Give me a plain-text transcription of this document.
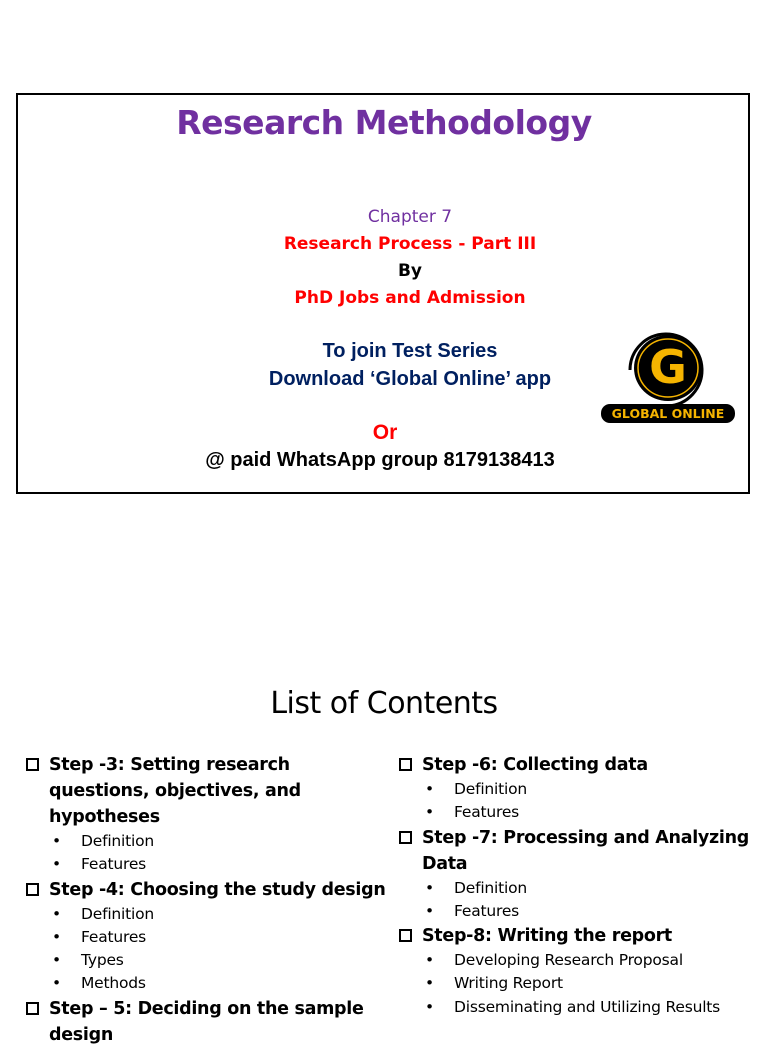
Research Methodology
Chapter 7
Research Process - Part III
By
PhD Jobs and Admission
To join Test Series
Download ‘Global Online’ app
Or
@ paid WhatsApp group 8179138413
G
GLOBAL ONLINE
List of Contents
Step -3: Setting research questions, objectives, and hypotheses
• Definition
• Features
Step -4: Choosing the study design
• Definition
• Features
• Types
• Methods
Step – 5: Deciding on the sample design
Step -6: Collecting data
• Definition
• Features
Step -7: Processing and Analyzing Data
• Definition
• Features
Step-8: Writing the report
• Developing Research Proposal
• Writing Report
• Disseminating and Utilizing Results
